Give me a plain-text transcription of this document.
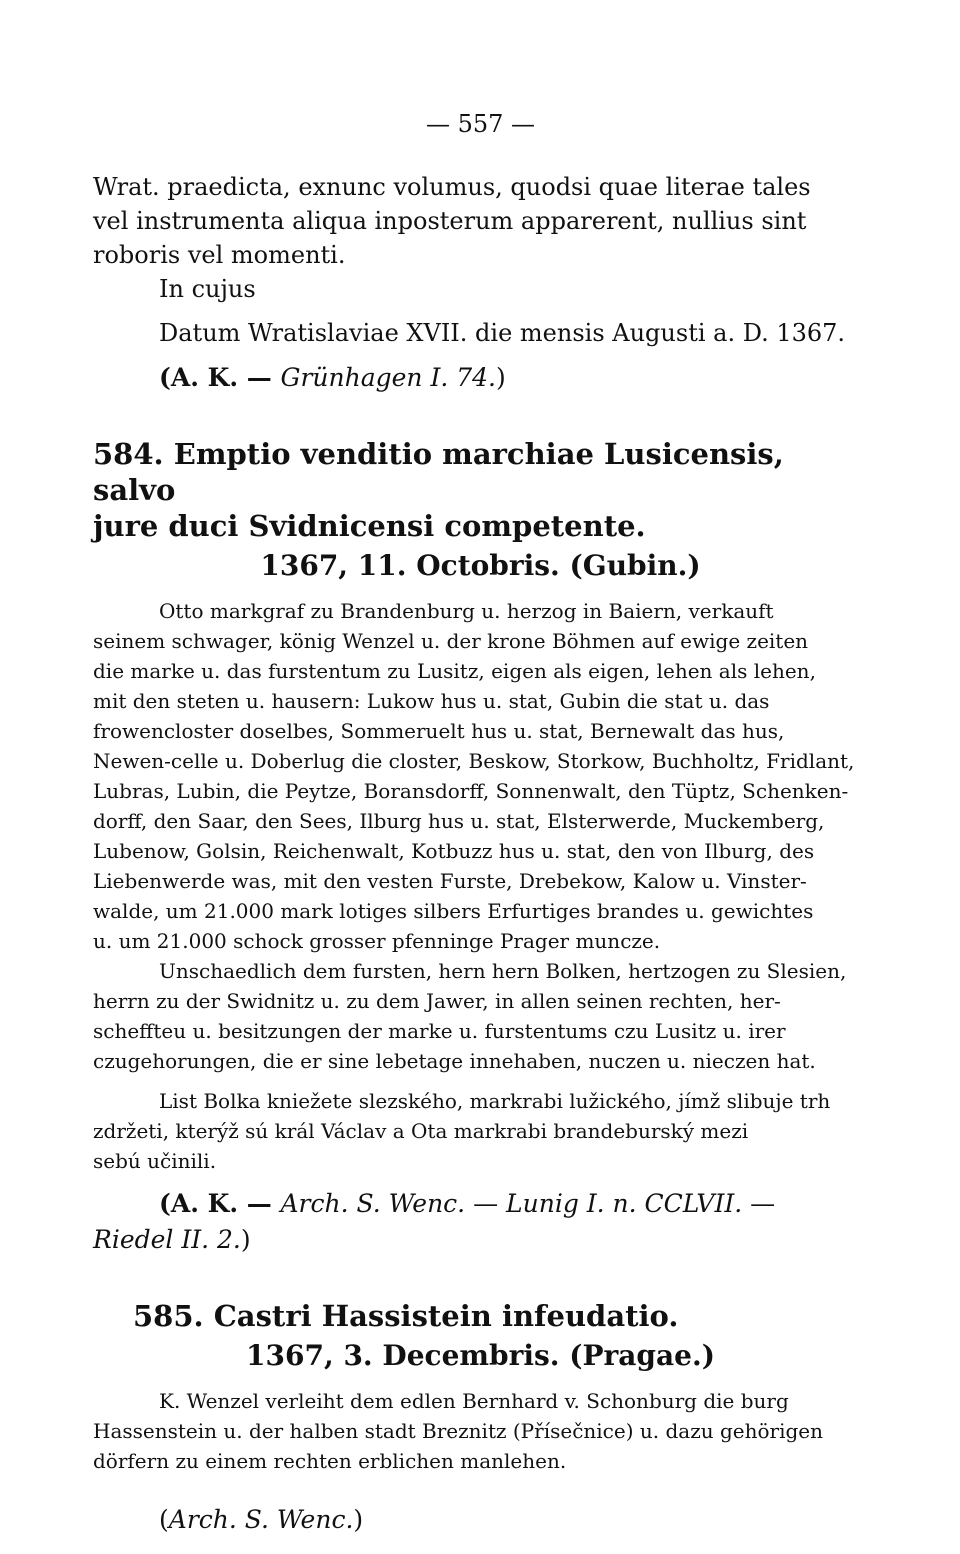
— 557 —

Wrat. praedicta, exnunc volumus, quodsi quae literae tales

vel instrumenta aliqua inposterum apparerent, nullius sint

roboris vel momenti.

In cujus

Datum Wratislaviae XVII. die mensis Augusti a. D. 1367.

(A. K. — Grünhagen I. 74.)

584. Emptio venditio marchiae Lusicensis, salvo

jure duci Svidnicensi competente.

1367, 11. Octobris. (Gubin.)

Otto markgraf zu Brandenburg u. herzog in Baiern, verkauft

seinem schwager, könig Wenzel u. der krone Böhmen auf ewige zeiten

die marke u. das furstentum zu Lusitz, eigen als eigen, lehen als lehen,

mit den steten u. hausern: Lukow hus u. stat, Gubin die stat u. das

frowencloster doselbes, Sommeruelt hus u. stat, Bernewalt das hus,

Newen-celle u. Doberlug die closter, Beskow, Storkow, Buchholtz, Fridlant,

Lubras, Lubin, die Peytze, Boransdorff, Sonnenwalt, den Tüptz, Schenken-

dorff, den Saar, den Sees, Ilburg hus u. stat, Elsterwerde, Muckemberg,

Lubenow, Golsin, Reichenwalt, Kotbuzz hus u. stat, den von Ilburg, des

Liebenwerde was, mit den vesten Furste, Drebekow, Kalow u. Vinster-

walde, um 21.000 mark lotiges silbers Erfurtiges brandes u. gewichtes

u. um 21.000 schock grosser pfenninge Prager muncze.

Unschaedlich dem fursten, hern hern Bolken, hertzogen zu Slesien,

herrn zu der Swidnitz u. zu dem Jawer, in allen seinen rechten, her-

scheffteu u. besitzungen der marke u. furstentums czu Lusitz u. irer

czugehorungen, die er sine lebetage innehaben, nuczen u. nieczen hat.

List Bolka kniežete slezského, markrabi lužického, jímž slibuje trh

zdržeti, kterýž sú král Václav a Ota markrabi brandeburský mezi

sebú učinili.

(A. K. — Arch. S. Wenc. — Lunig I. n. CCLVII. —

Riedel II. 2.)

585. Castri Hassistein infeudatio.

1367, 3. Decembris. (Pragae.)

K. Wenzel verleiht dem edlen Bernhard v. Schonburg die burg

Hassenstein u. der halben stadt Breznitz (Přísečnice) u. dazu gehörigen

dörfern zu einem rechten erblichen manlehen.

(Arch. S. Wenc.)
